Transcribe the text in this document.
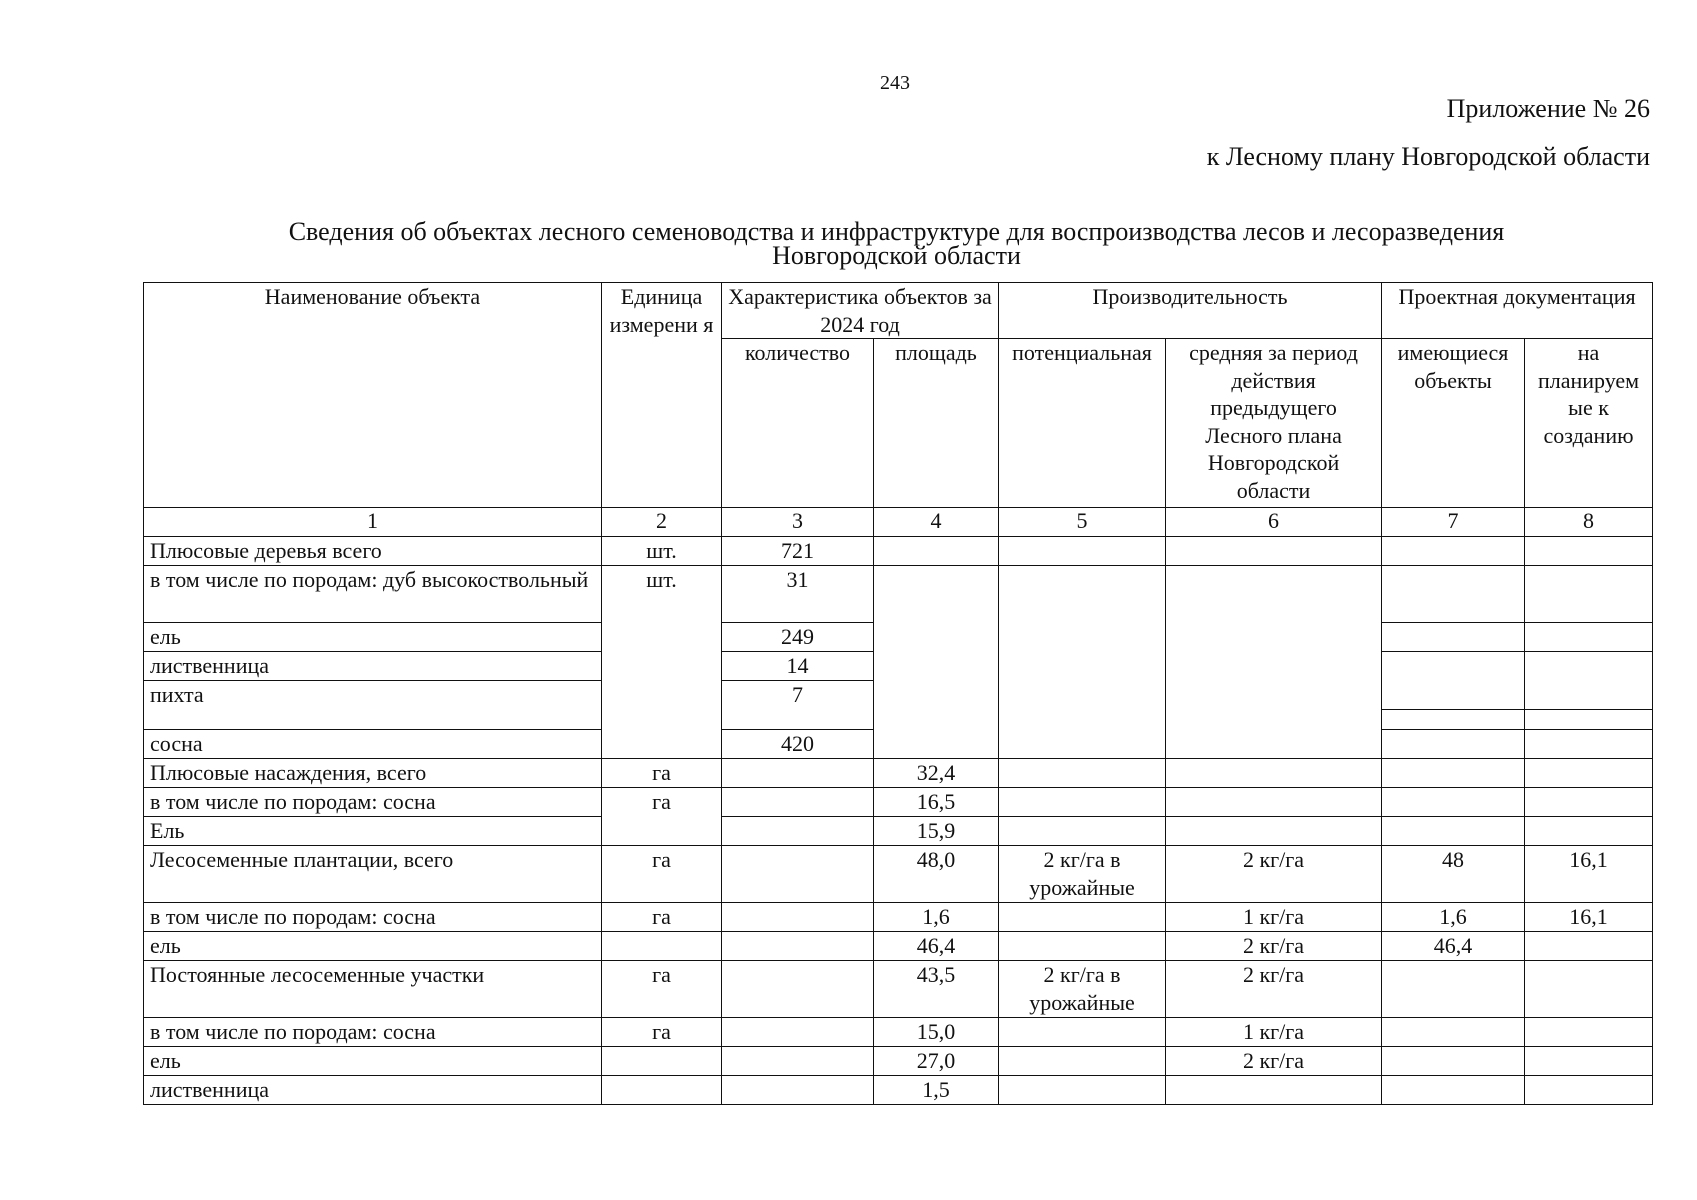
243
Приложение № 26
к Лесному плану Новгородской области
Сведения об объектах лесного семеноводства и инфраструктуре для воспроизводства лесов и лесоразведения
Новгородской области
Наименование объекта	Единица измерени я	Характеристика объектов за 2024 год		Производительность		Проектная документация	
		количество	площадь	потенциальная	средняя за период действия предыдущего Лесного плана Новгородской области	имеющиеся объекты	на планируем ые к созданию
1	2	3	4	5	6	7	8
Плюсовые деревья всего	шт.	721					
в том числе по породам: дуб высокоствольный	шт.	31					
ель		249					
лиственница		14					
пихта		7					

сосна		420					
Плюсовые насаждения, всего	га		32,4				
в том числе по породам: сосна	га		16,5				
Ель			15,9				
Лесосеменные плантации, всего	га		48,0	2 кг/га в урожайные	2 кг/га	48	16,1
в том числе по породам: сосна	га		1,6		1 кг/га	1,6	16,1
ель			46,4		2 кг/га	46,4	
Постоянные лесосеменные участки	га		43,5	2 кг/га в урожайные	2 кг/га		
в том числе по породам: сосна	га		15,0		1 кг/га		
ель			27,0		2 кг/га		
лиственница			1,5				
